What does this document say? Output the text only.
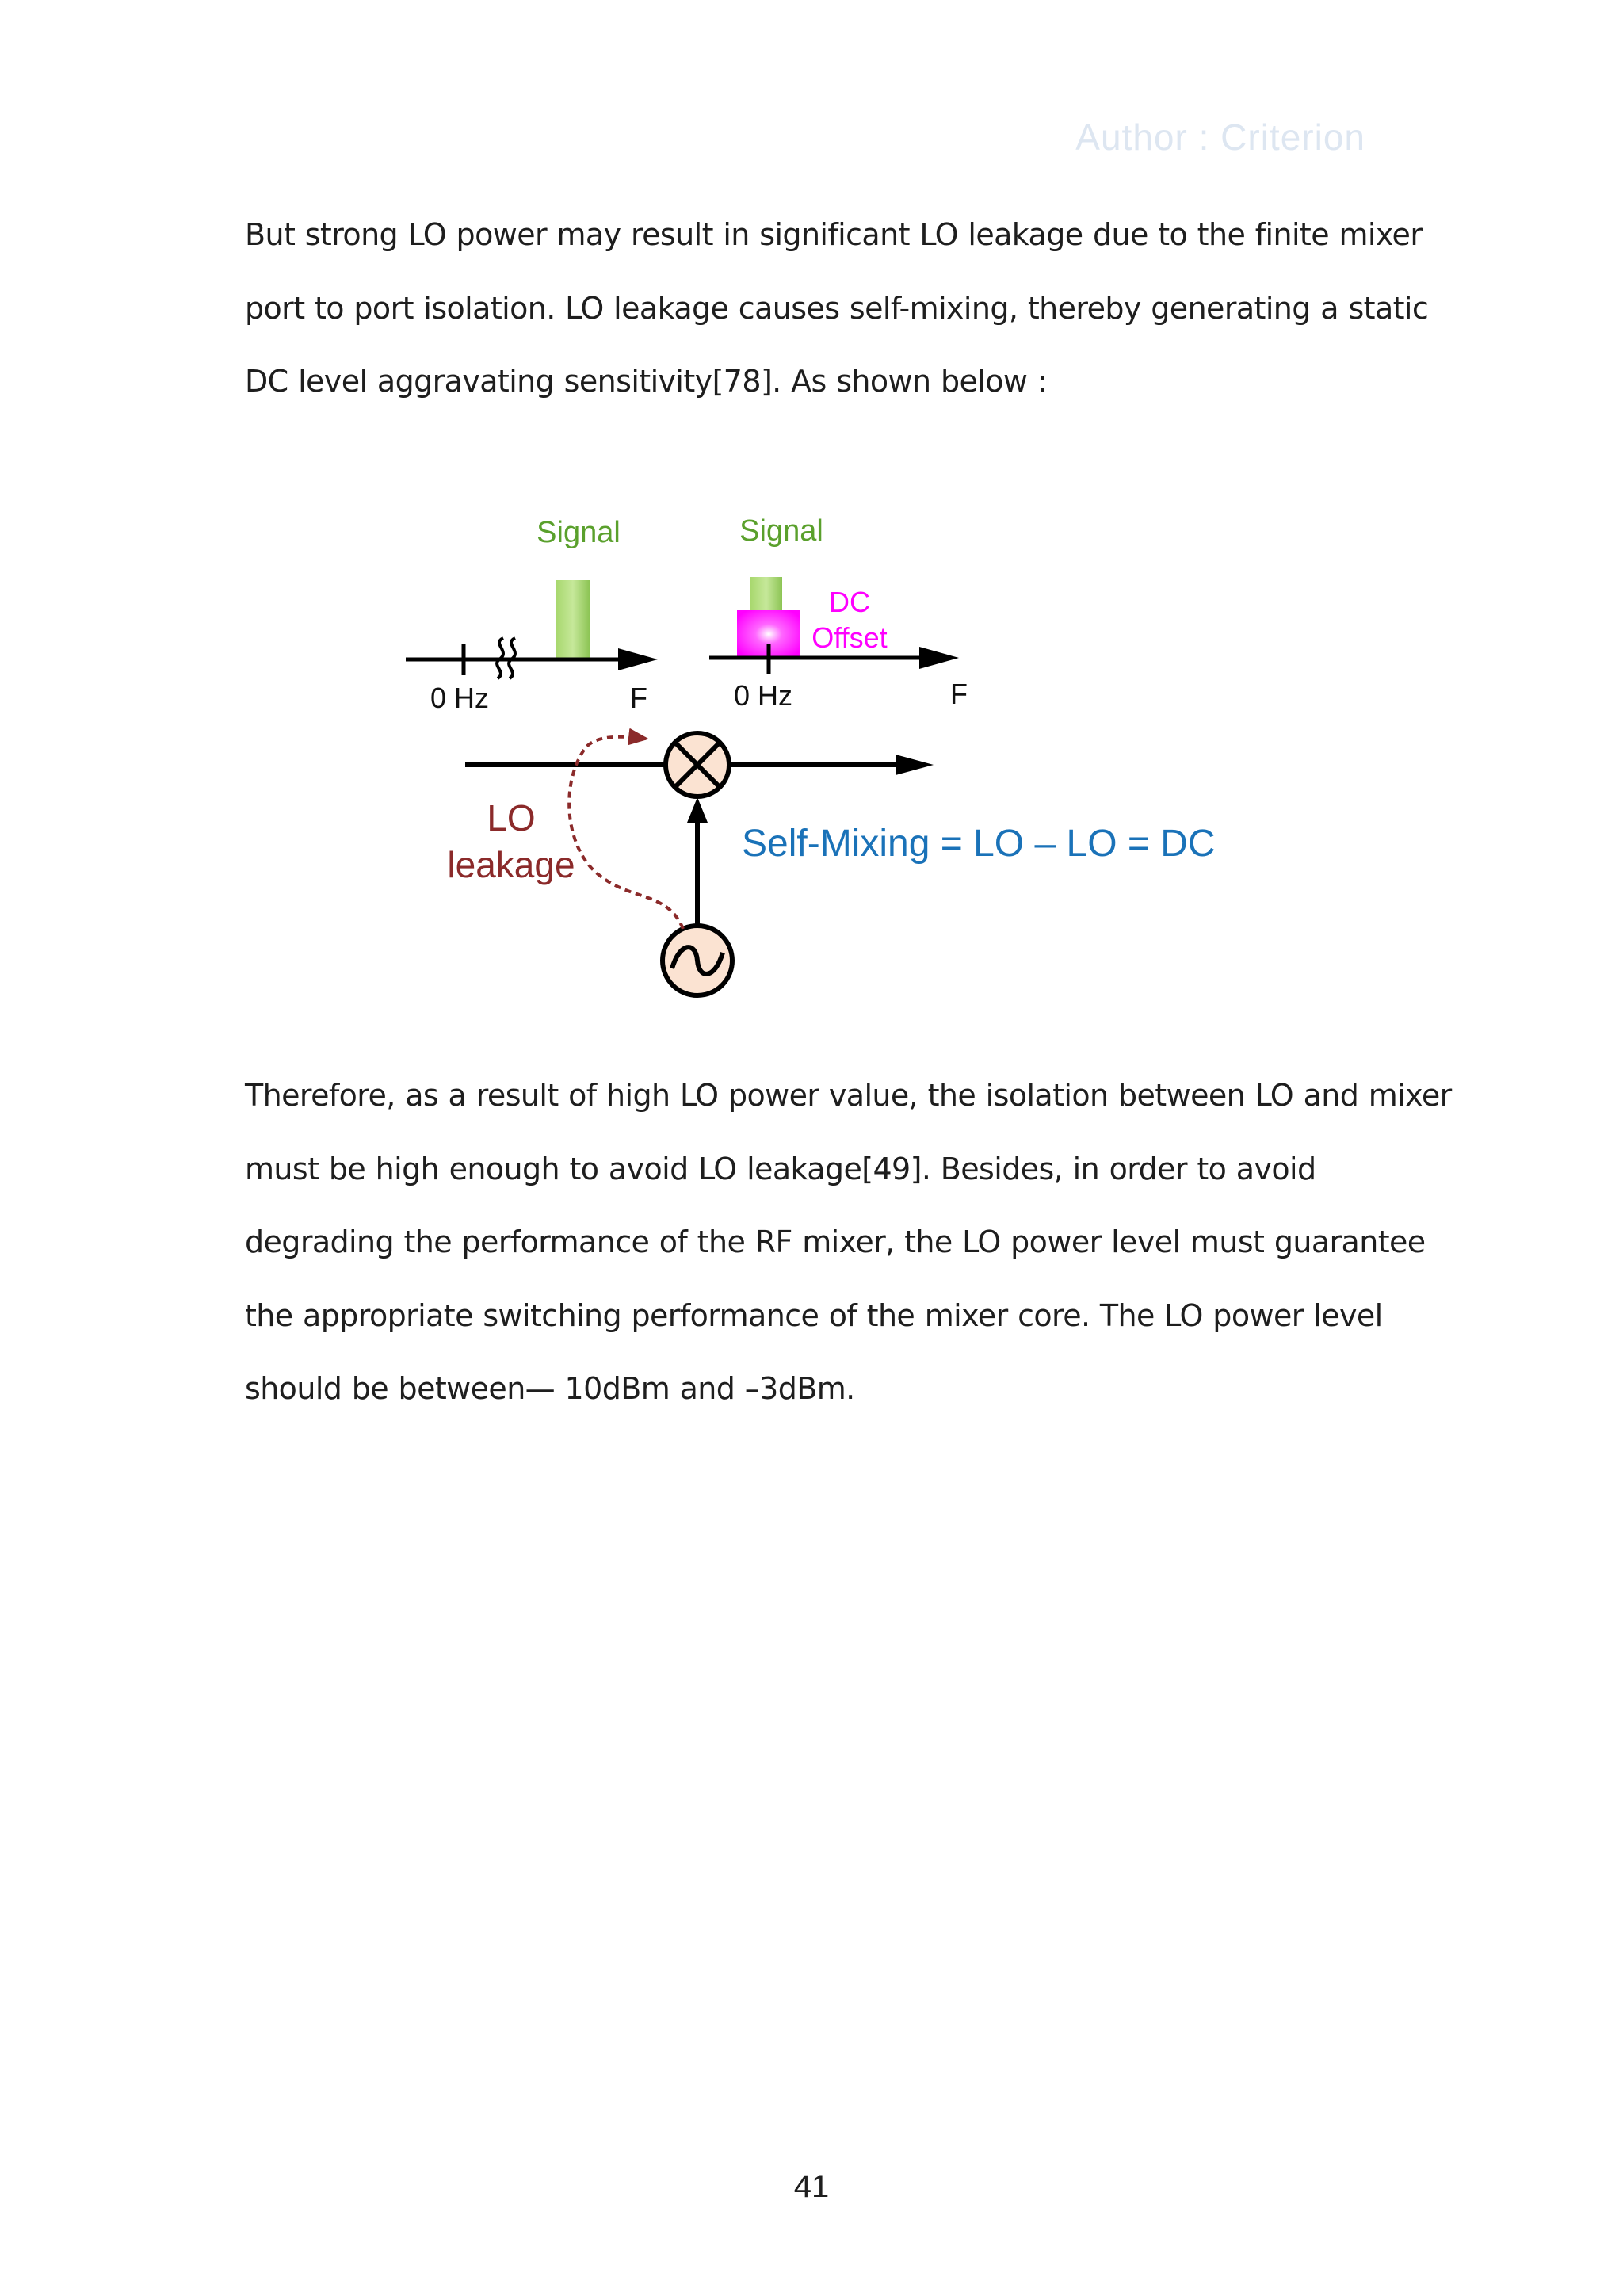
Author : Criterion
But strong LO power may result in significant LO leakage due to the finite mixer
port to port isolation. LO leakage causes self-mixing, thereby generating a static
DC level aggravating sensitivity[78]. As shown below :
Signal
0 Hz	F
Signal
DC
Offset
0 Hz	F
LO
leakage	Self-Mixing = LO – LO = DC
Therefore, as a result of high LO power value, the isolation between LO and mixer
must be high enough to avoid LO leakage[49]. Besides, in order to avoid
degrading the performance of the RF mixer, the LO power level must guarantee
the appropriate switching performance of the mixer core. The LO power level
should be between— 10dBm and –3dBm.
41
